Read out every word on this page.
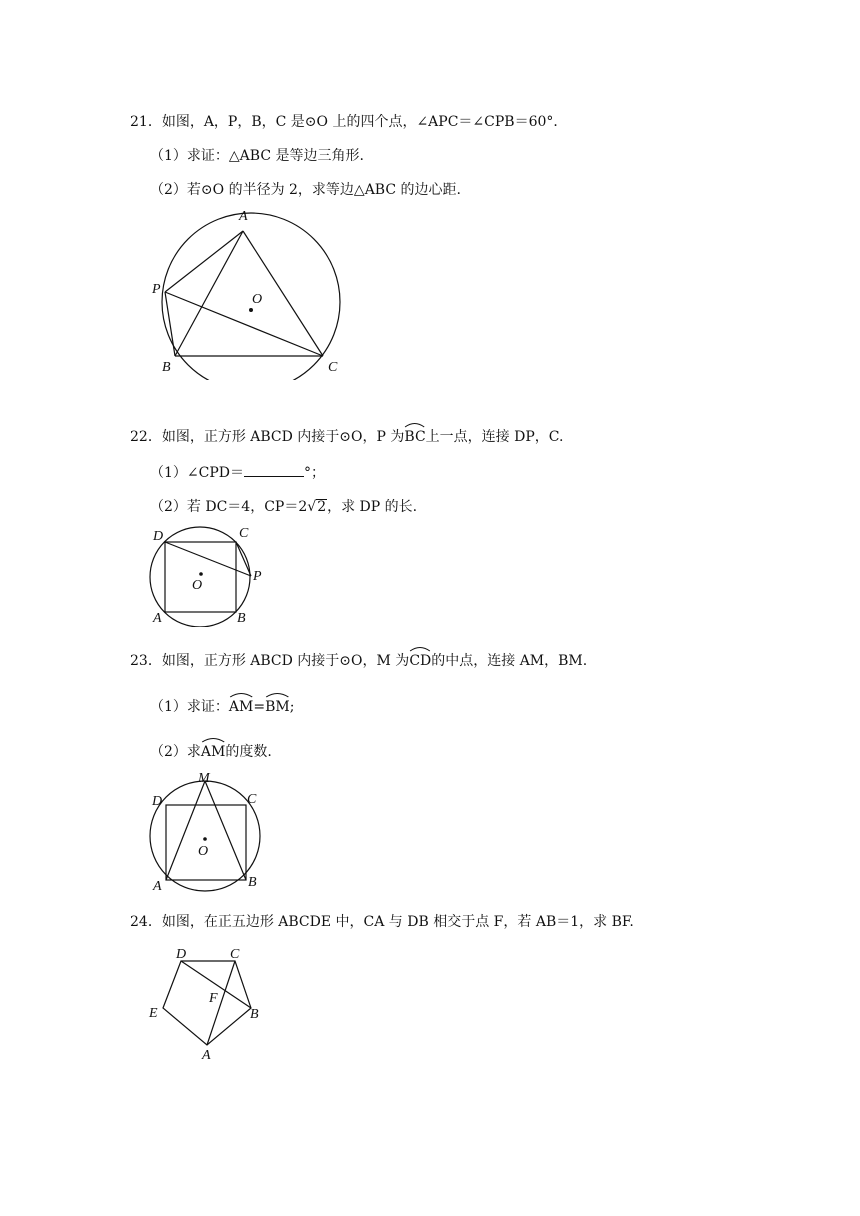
21．如图，A，P，B，C 是⊙O 上的四个点，∠APC＝∠CPB＝60°．
（1）求证：△ABC 是等边三角形.
（2）若⊙O 的半径为 2，求等边△ABC 的边心距.
A
P
O
B	C
22．如图，正方形 ABCD 内接于⊙O，P 为
BC上一点，连接 DP，C.
（1）∠CPD＝	°；
（2）若 DC＝4，CP＝2√2，求 DP 的长.
D	C
P
O
A	B
23．如图，正方形 ABCD 内接于⊙O，M 为
CD的中点，连接 AM，BM.
（1）求证：
AM=
BM;
（2）求
AM的度数.
M
D	C
O
A	B
24．如图，在正五边形 ABCDE 中，CA 与 DB 相交于点 F，若 AB＝1，求 BF.
D	C
F
E	B
A
